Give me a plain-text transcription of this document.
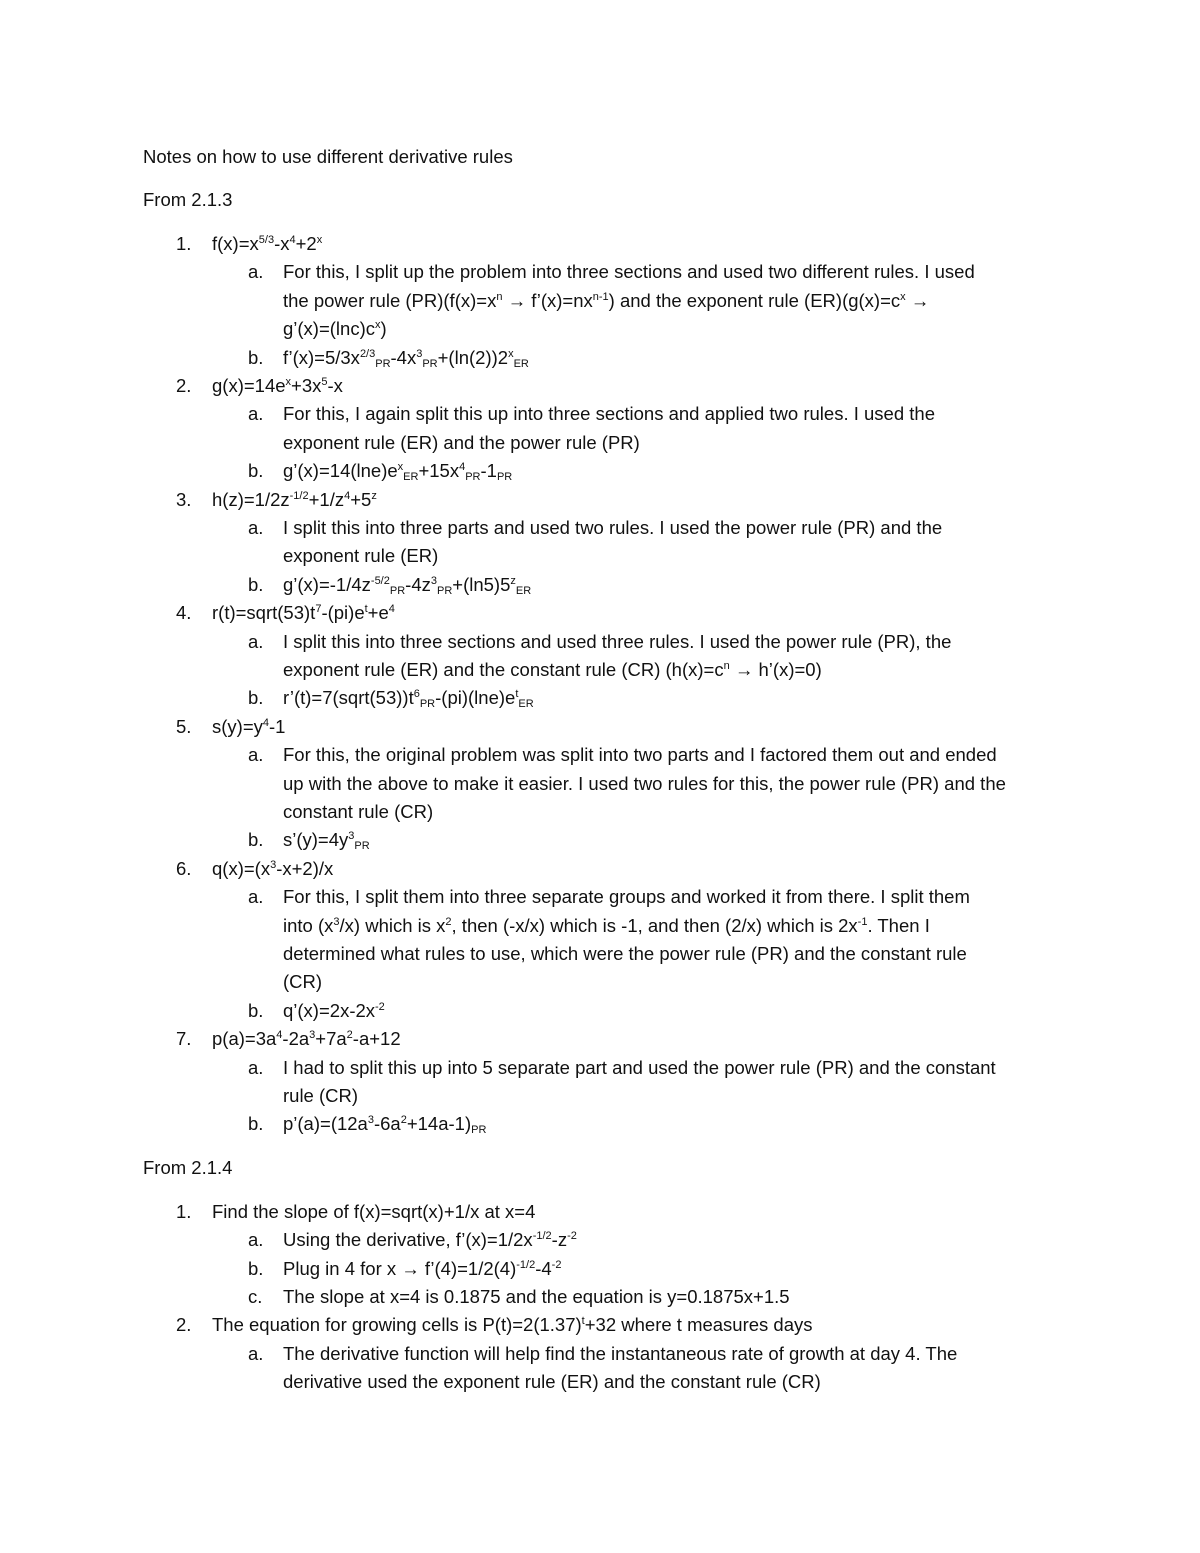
Notes on how to use different derivative rules
From 2.1.3
1. $f(x)=x^{5/3}-x^4+2^x$
a. For this, I split up the problem into three sections and used two different rules. I used
the power rule $(PR)(f(x)=x^n$ → $f’(x)=nx^{n-1}$) and the exponent rule $(ER)(g(x)=c^x$ →
$g’(x)=(\ln c)c^x$)
b. $f’(x)=5/3x^{2/3}_{PR}-4x^3_{PR}+(\ln(2))2^x_{ER}$
2. $g(x)=14e^x+3x^5-x$
a. For this, I again split this up into three sections and applied two rules. I used the
exponent rule (ER) and the power rule (PR)
b. $g’(x)=14(\ln e)e^x_{ER}+15x^4_{PR}-1_{PR}$
3. $h(z)=1/2z^{-1/2}+1/z^4+5^z$
a. I split this into three parts and used two rules. I used the power rule (PR) and the
exponent rule (ER)
b. $g’(x)=-1/4z^{-5/2}_{PR}-4z^3_{PR}+(\ln 5)5^z_{ER}$
4. $r(t)=sqrt(53)t^7-(pi)e^t+e^4$
a. I split this into three sections and used three rules. I used the power rule (PR), the
exponent rule (ER) and the constant rule (CR) ($h(x)=c^n$ → h’(x)=0)
b. $r’(t)=7(sqrt(53))t^6_{PR}-(pi)(\ln e)e^t_{ER}$
5. $s(y)=y^4-1$
a. For this, the original problem was split into two parts and I factored them out and ended
up with the above to make it easier. I used two rules for this, the power rule (PR) and the
constant rule (CR)
b. $s’(y)=4y^3_{PR}$
6. $q(x)=(x^3-x+2)/x$
a. For this, I split them into three separate groups and worked it from there. I split them
into $(x^3/x)$ which is $x^2$, then (-x/x) which is -1, and then (2/x) which is $2x^{-1}$. Then I
determined what rules to use, which were the power rule (PR) and the constant rule
(CR)
b. $q’(x)=2x-2x^{-2}$
7. $p(a)=3a^4-2a^3+7a^2-a+12$
a. I had to split this up into 5 separate part and used the power rule (PR) and the constant
rule (CR)
b. $p’(a)=(12a^3-6a^2+14a-1)_{PR}$
From 2.1.4
1. Find the slope of f(x)=sqrt(x)+1/x at x=4
a. Using the derivative, $f’(x)=1/2x^{-1/2}-z^{-2}$
b. Plug in 4 for $x \to f’(4)=1/2(4)^{-1/2}-4^{-2}$
c. The slope at x=4 is 0.1875 and the equation is y=0.1875x+1.5
2. The equation for growing cells is $P(t)=2(1.37)^t+32$ where t measures days
a. The derivative function will help find the instantaneous rate of growth at day 4. The
derivative used the exponent rule (ER) and the constant rule (CR)
